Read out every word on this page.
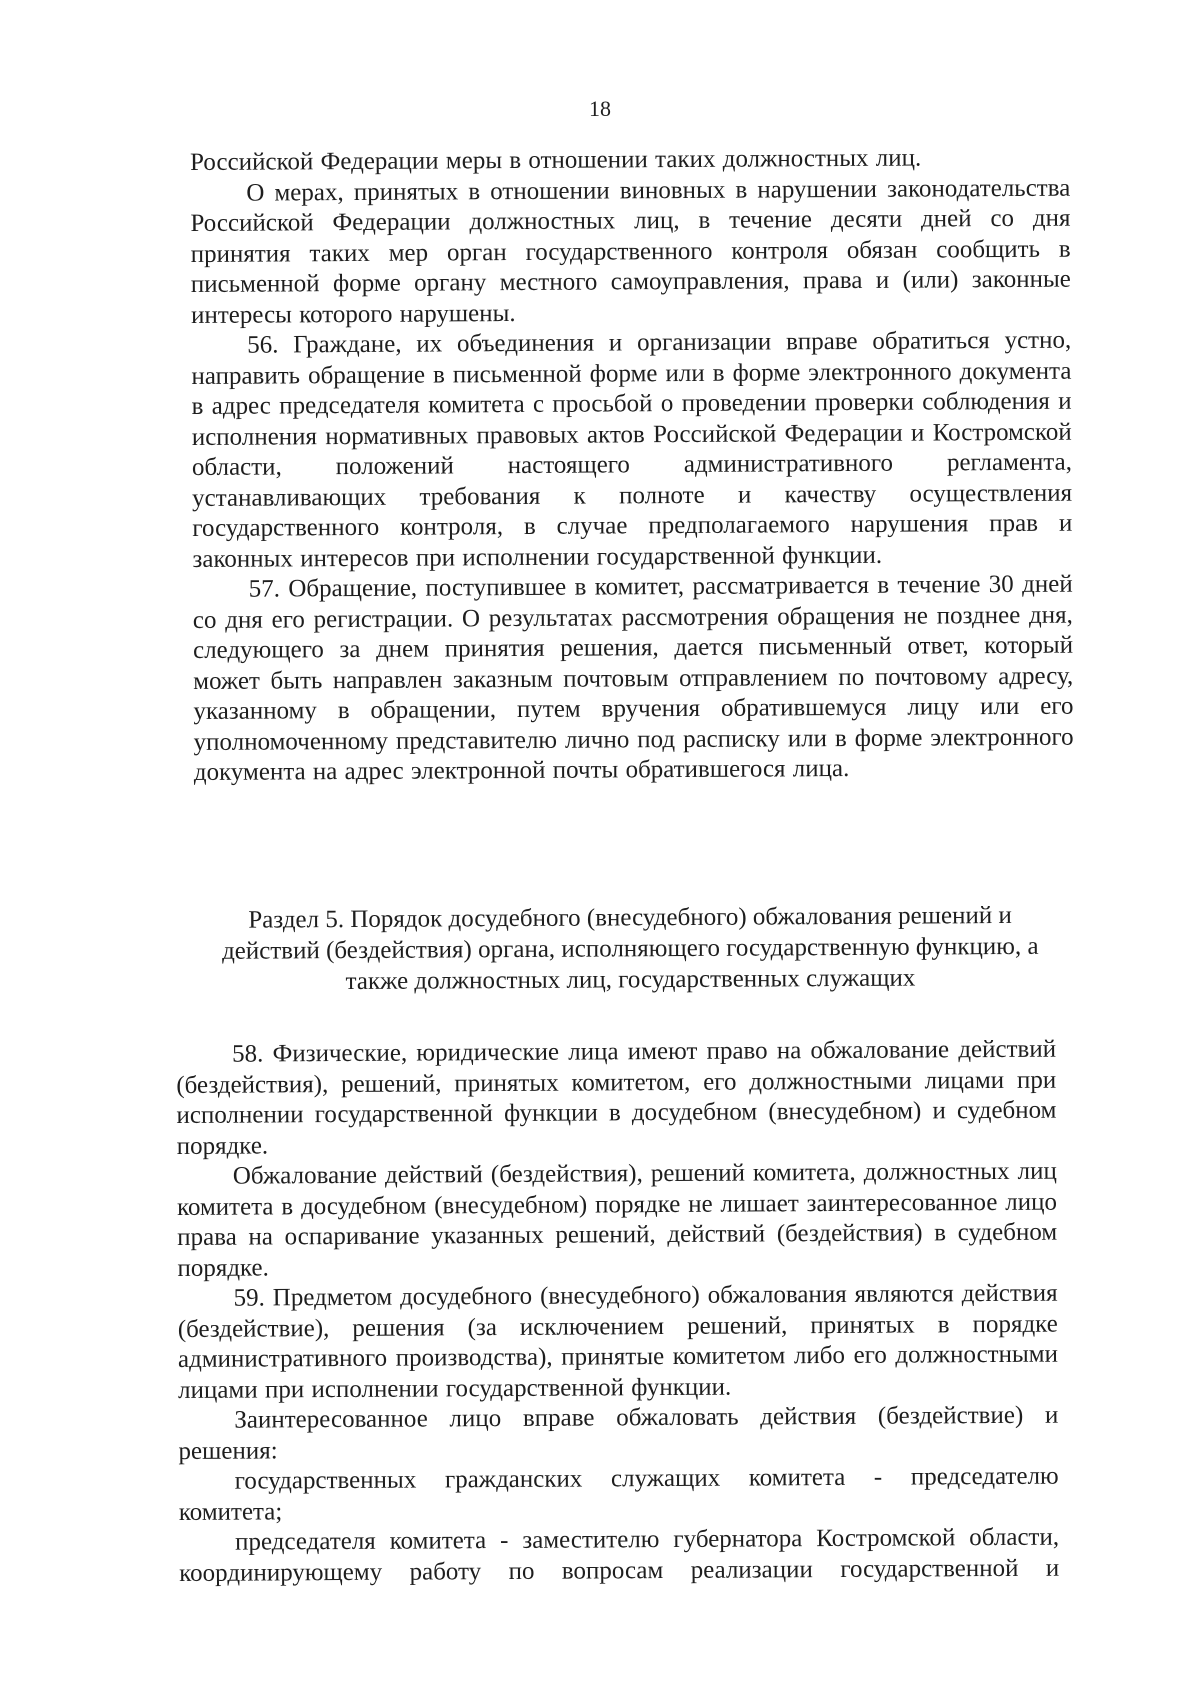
18

Российской Федерации меры в отношении таких должностных лиц.

О мерах, принятых в отношении виновных в нарушении законодательства Российской Федерации должностных лиц, в течение десяти дней со дня принятия таких мер орган государственного контроля обязан сообщить в письменной форме органу местного самоуправления, права и (или) законные интересы которого нарушены.

56. Граждане, их объединения и организации вправе обратиться устно, направить обращение в письменной форме или в форме электронного документа в адрес председателя комитета с просьбой о проведении проверки соблюдения и исполнения нормативных правовых актов Российской Федерации и Костромской области, положений настоящего административного регламента, устанавливающих требования к полноте и качеству осуществления государственного контроля, в случае предполагаемого нарушения прав и законных интересов при исполнении государственной функции.

57. Обращение, поступившее в комитет, рассматривается в течение 30 дней со дня его регистрации. О результатах рассмотрения обращения не позднее дня, следующего за днем принятия решения, дается письменный ответ, который может быть направлен заказным почтовым отправлением по почтовому адресу, указанному в обращении, путем вручения обратившемуся лицу или его уполномоченному представителю лично под расписку или в форме электронного документа на адрес электронной почты обратившегося лица.

Раздел 5. Порядок досудебного (внесудебного) обжалования решений и
действий (бездействия) органа, исполняющего государственную функцию, а
также должностных лиц, государственных служащих

58. Физические, юридические лица имеют право на обжалование действий (бездействия), решений, принятых комитетом, его должностными лицами при исполнении государственной функции в досудебном (внесудебном) и судебном порядке.

Обжалование действий (бездействия), решений комитета, должностных лиц комитета в досудебном (внесудебном) порядке не лишает заинтересованное лицо права на оспаривание указанных решений, действий (бездействия) в судебном порядке.

59. Предметом досудебного (внесудебного) обжалования являются действия (бездействие), решения (за исключением решений, принятых в порядке административного производства), принятые комитетом либо его должностными лицами при исполнении государственной функции.

Заинтересованное лицо вправе обжаловать действия (бездействие) и решения:

государственных гражданских служащих комитета - председателю комитета;

председателя комитета - заместителю губернатора Костромской области, координирующему работу по вопросам реализации государственной и
